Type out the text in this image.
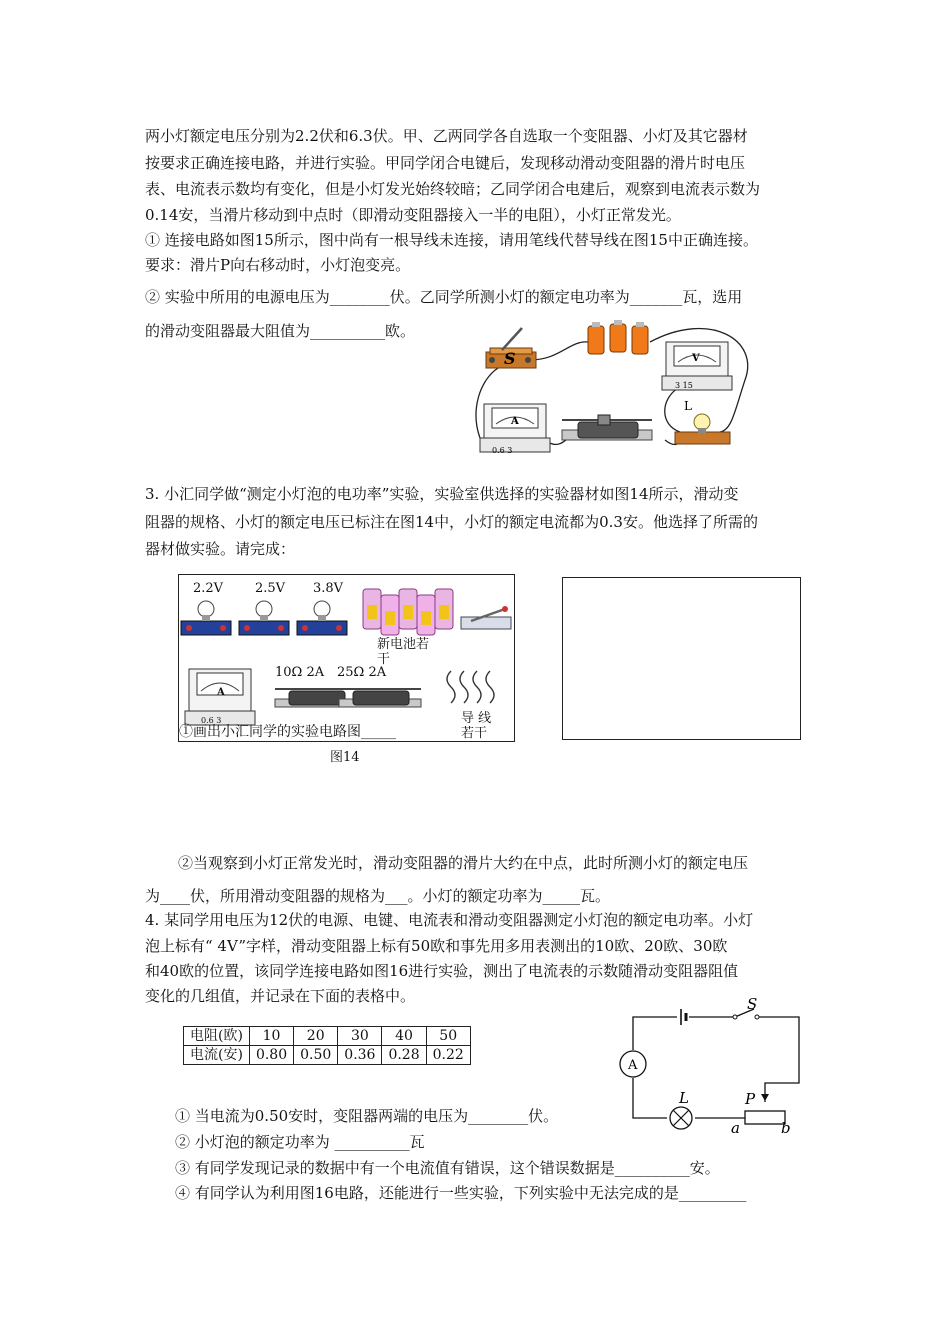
两小灯额定电压分别为2.2伏和6.3伏。甲、乙两同学各自选取一个变阻器、小灯及其它器材
按要求正确连接电路，并进行实验。甲同学闭合电键后，发现移动滑动变阻器的滑片时电压
表、电流表示数均有变化，但是小灯发光始终较暗；乙同学闭合电建后，观察到电流表示数为
0.14安，当滑片移动到中点时（即滑动变阻器接入一半的电阻），小灯正常发光。
① 连接电路如图15所示，图中尚有一根导线未连接，请用笔线代替导线在图15中正确连接。
要求：滑片P向右移动时，小灯泡变亮。
② 实验中所用的电源电压为________伏。乙同学所测小灯的额定电功率为_______瓦，选用
的滑动变阻器最大阻值为__________欧。
S	V
3 15
L
A
0.6 3
3. 小汇同学做“测定小灯泡的电功率”实验，实验室供选择的实验器材如图14所示，滑动变
阻器的规格、小灯的额定电压已标注在图14中，小灯的额定电流都为0.3安。他选择了所需的
器材做实验。请完成：
2.2V 2.5V 3.8V
新电池若干
10Ω 2A 25Ω 2A
A
0.6 3	导 线
若干
①画出小汇同学的实验电路图_____
图14
②当观察到小灯正常发光时，滑动变阻器的滑片大约在中点，此时所测小灯的额定电压
为____伏，所用滑动变阻器的规格为___。小灯的额定功率为_____瓦。
4. 某同学用电压为12伏的电源、电键、电流表和滑动变阻器测定小灯泡的额定电功率。小灯
泡上标有“ 4V”字样，滑动变阻器上标有50欧和事先用多用表测出的10欧、20欧、30欧
和40欧的位置，该同学连接电路如图16进行实验，测出了电流表的示数随滑动变阻器阻值
变化的几组值，并记录在下面的表格中。
电阻(欧)	10	20	30	40	50
电流(安)	0.80	0.50	0.36	0.28	0.22
S
A
L	P
a	b
① 当电流为0.50安时，变阻器两端的电压为________伏。
② 小灯泡的额定功率为 __________瓦
③ 有同学发现记录的数据中有一个电流值有错误，这个错误数据是__________安。
④ 有同学认为利用图16电路，还能进行一些实验，下列实验中无法完成的是_________
